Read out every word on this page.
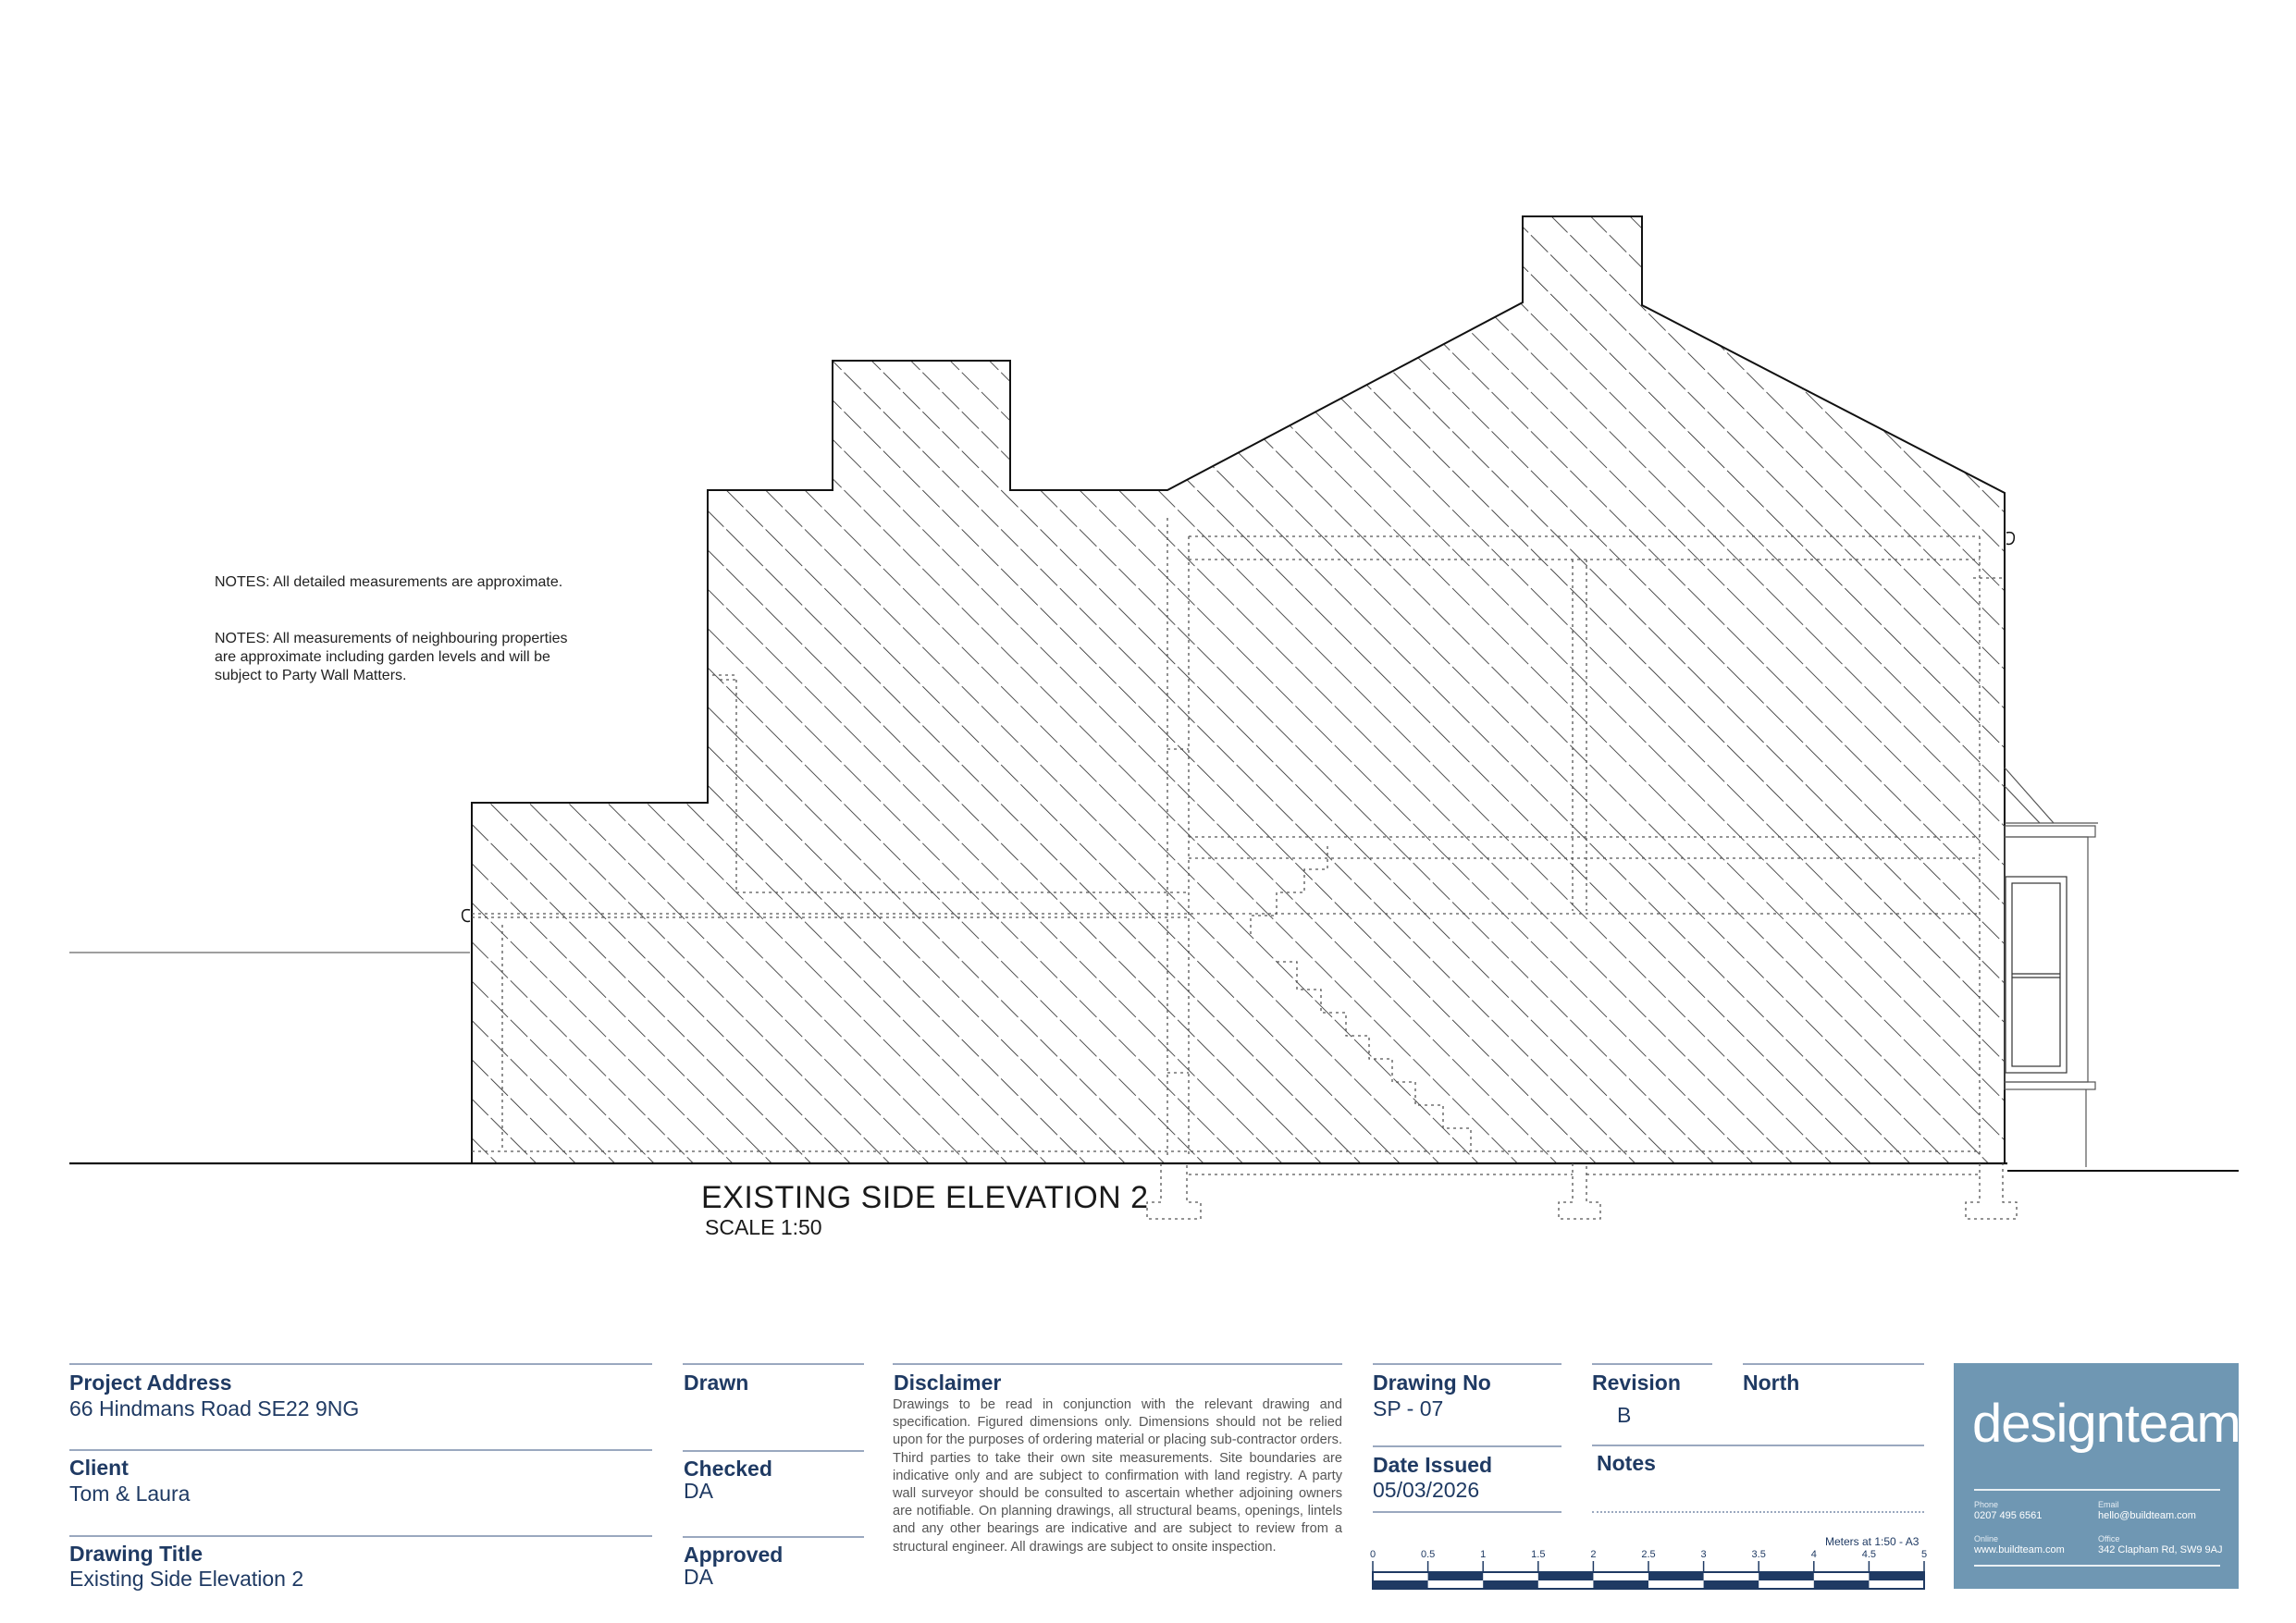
NOTES: All detailed measurements are approximate.
NOTES: All measurements of neighbouring properties are approximate including garden levels and will be subject to Party Wall Matters.
EXISTING SIDE ELEVATION 2
SCALE 1:50
Project Address
66 Hindmans Road SE22 9NG
Client
Tom & Laura
Drawing Title
Existing Side Elevation 2
Drawn
Checked
DA
Approved
DA
Disclaimer
Drawings to be read in conjunction with the relevant drawing and specification. Figured dimensions only. Dimensions should not be relied upon for the purposes of ordering material or placing sub-contractor orders. Third parties to take their own site measurements. Site boundaries are indicative only and are subject to confirmation with land registry. A party wall surveyor should be consulted to ascertain whether adjoining owners are notifiable. On planning drawings, all structural beams, openings, lintels and any other bearings are indicative and are subject to review from a structural engineer. All drawings are subject to onsite inspection.
Drawing No
SP - 07
Date Issued
05/03/2026
Revision
B
North
Notes
Meters at 1:50 - A3
0	0.5	1	1.5	2	2.5	3	3.5	4	4.5	5
designteam
Phone
0207 495 6561
Email
hello@buildteam.com
Online
www.buildteam.com
Office
342 Clapham Rd, SW9 9AJ
